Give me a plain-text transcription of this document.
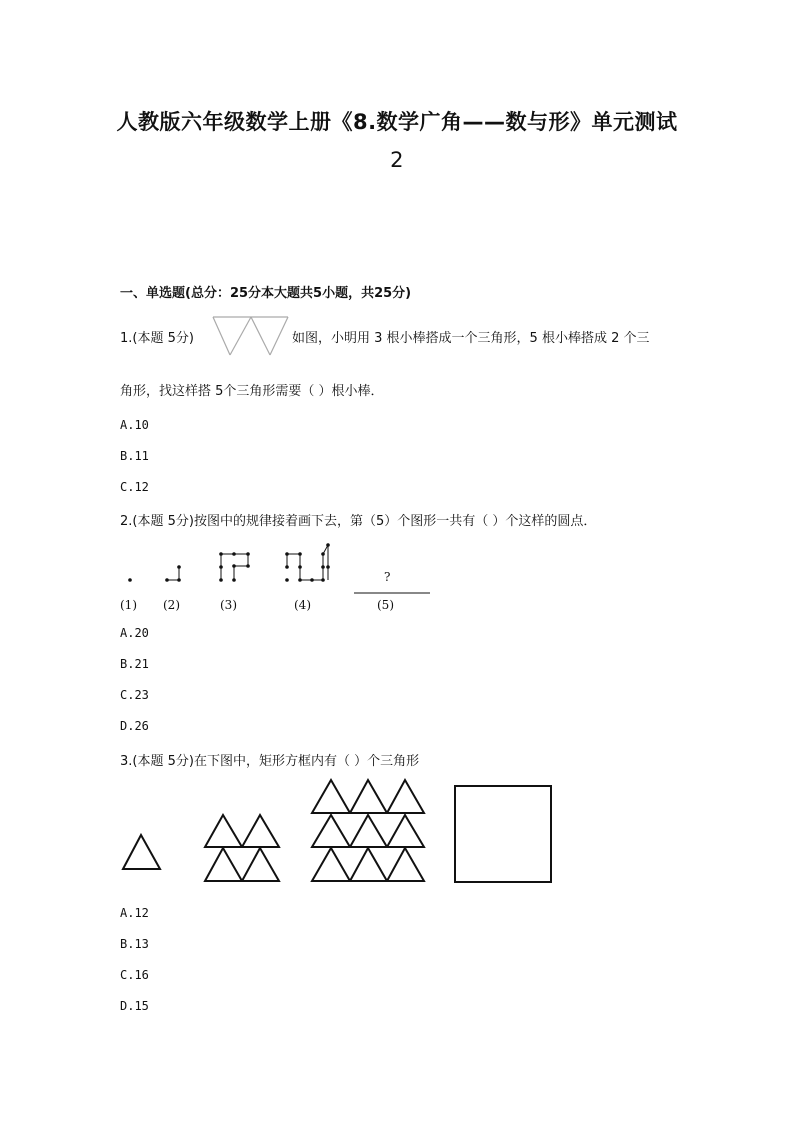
人教版六年级数学上册《8.数学广角——数与形》单元测试
2
一、单选题(总分：25分本大题共5小题，共25分)
1.(本题 5分)	如图，小明用 3 根小棒搭成一个三角形，5 根小棒搭成 2 个三
角形，找这样搭 5个三角形需要（ ）根小棒．
A.10
B.11
C.12
2.(本题 5分)按图中的规律接着画下去，第（5）个图形一共有（ ）个这样的圆点．
?
(1) (2)	(3)	(4)	(5)
A.20
B.21
C.23
D.26
3.(本题 5分)在下图中，矩形方框内有（ ）个三角形
A.12
B.13
C.16
D.15
